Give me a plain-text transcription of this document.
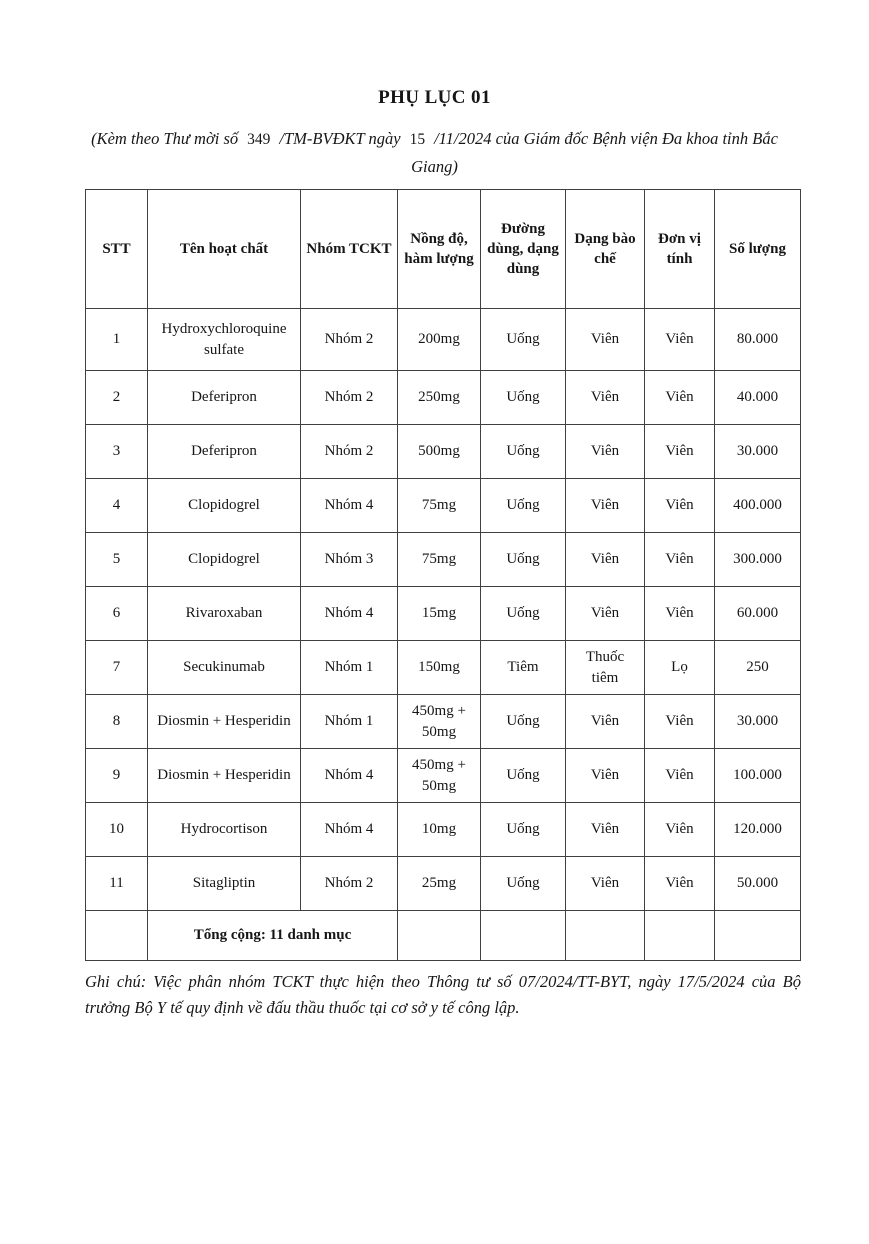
PHỤ LỤC 01
(Kèm theo Thư mời số 349 /TM-BVĐKT ngày 15 /11/2024 của Giám đốc Bệnh viện Đa khoa tỉnh Bắc Giang)
STT	Tên hoạt chất	Nhóm TCKT	Nồng độ, hàm lượng	Đường dùng, dạng dùng	Dạng bào chế	Đơn vị tính	Số lượng
1	Hydroxychloroquine sulfate	Nhóm 2	200mg	Uống	Viên	Viên	80.000
2	Deferipron	Nhóm 2	250mg	Uống	Viên	Viên	40.000
3	Deferipron	Nhóm 2	500mg	Uống	Viên	Viên	30.000
4	Clopidogrel	Nhóm 4	75mg	Uống	Viên	Viên	400.000
5	Clopidogrel	Nhóm 3	75mg	Uống	Viên	Viên	300.000
6	Rivaroxaban	Nhóm 4	15mg	Uống	Viên	Viên	60.000
7	Secukinumab	Nhóm 1	150mg	Tiêm	Thuốc tiêm	Lọ	250
8	Diosmin + Hesperidin	Nhóm 1	450mg + 50mg	Uống	Viên	Viên	30.000
9	Diosmin + Hesperidin	Nhóm 4	450mg + 50mg	Uống	Viên	Viên	100.000
10	Hydrocortison	Nhóm 4	10mg	Uống	Viên	Viên	120.000
11	Sitagliptin	Nhóm 2	25mg	Uống	Viên	Viên	50.000
	Tổng cộng: 11 danh mục						
Ghi chú: Việc phân nhóm TCKT thực hiện theo Thông tư số 07/2024/TT-BYT, ngày 17/5/2024 của Bộ trưởng Bộ Y tế quy định về đấu thầu thuốc tại cơ sở y tế công lập.
